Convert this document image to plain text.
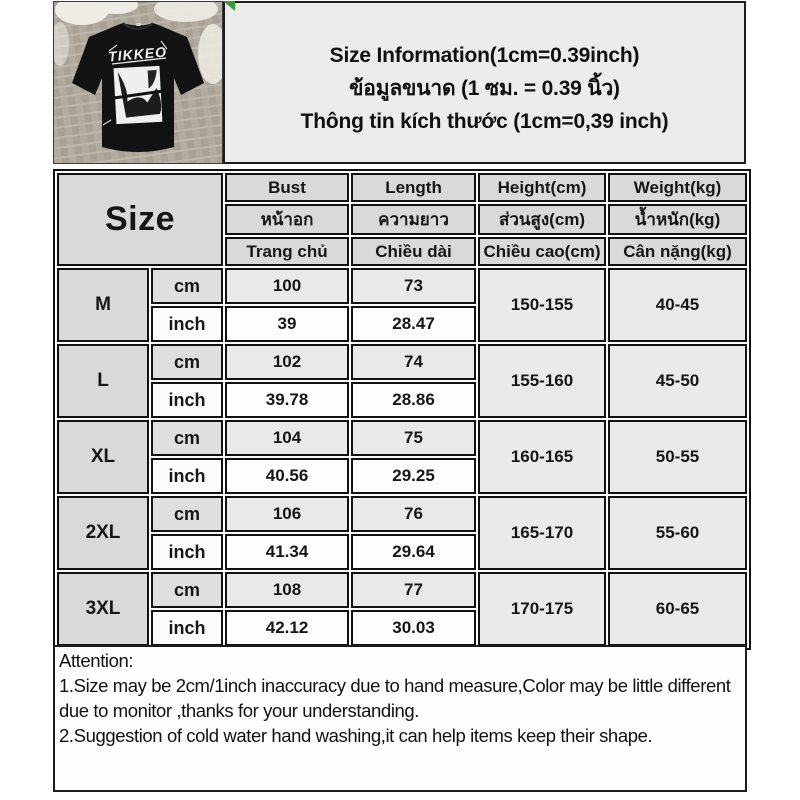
TIKKEO	Size Information(1cm=0.39inch)
ข้อมูลขนาด (1 ซม. = 0.39 นิ้ว)
Thông tin kích thước (1cm=0,39 inch)
Size		Bust	Length	Height(cm)	Weight(kg)
		หน้าอก	ความยาว	ส่วนสูง(cm)	น้ำหนัก(kg)
		Trang chủ	Chiều dài	Chiều cao(cm)	Cân nặng(kg)
M	cm	100	73	150-155	40-45
	inch	39	28.47		
L	cm	102	74	155-160	45-50
	inch	39.78	28.86		
XL	cm	104	75	160-165	50-55
	inch	40.56	29.25		
2XL	cm	106	76	165-170	55-60
	inch	41.34	29.64		
3XL	cm	108	77	170-175	60-65
	inch	42.12	30.03		
Attention:
1.Size may be 2cm/1inch inaccuracy due to hand measure,Color may be little different due to monitor ,thanks for your understanding.
2.Suggestion of cold water hand washing,it can help items keep their shape.
